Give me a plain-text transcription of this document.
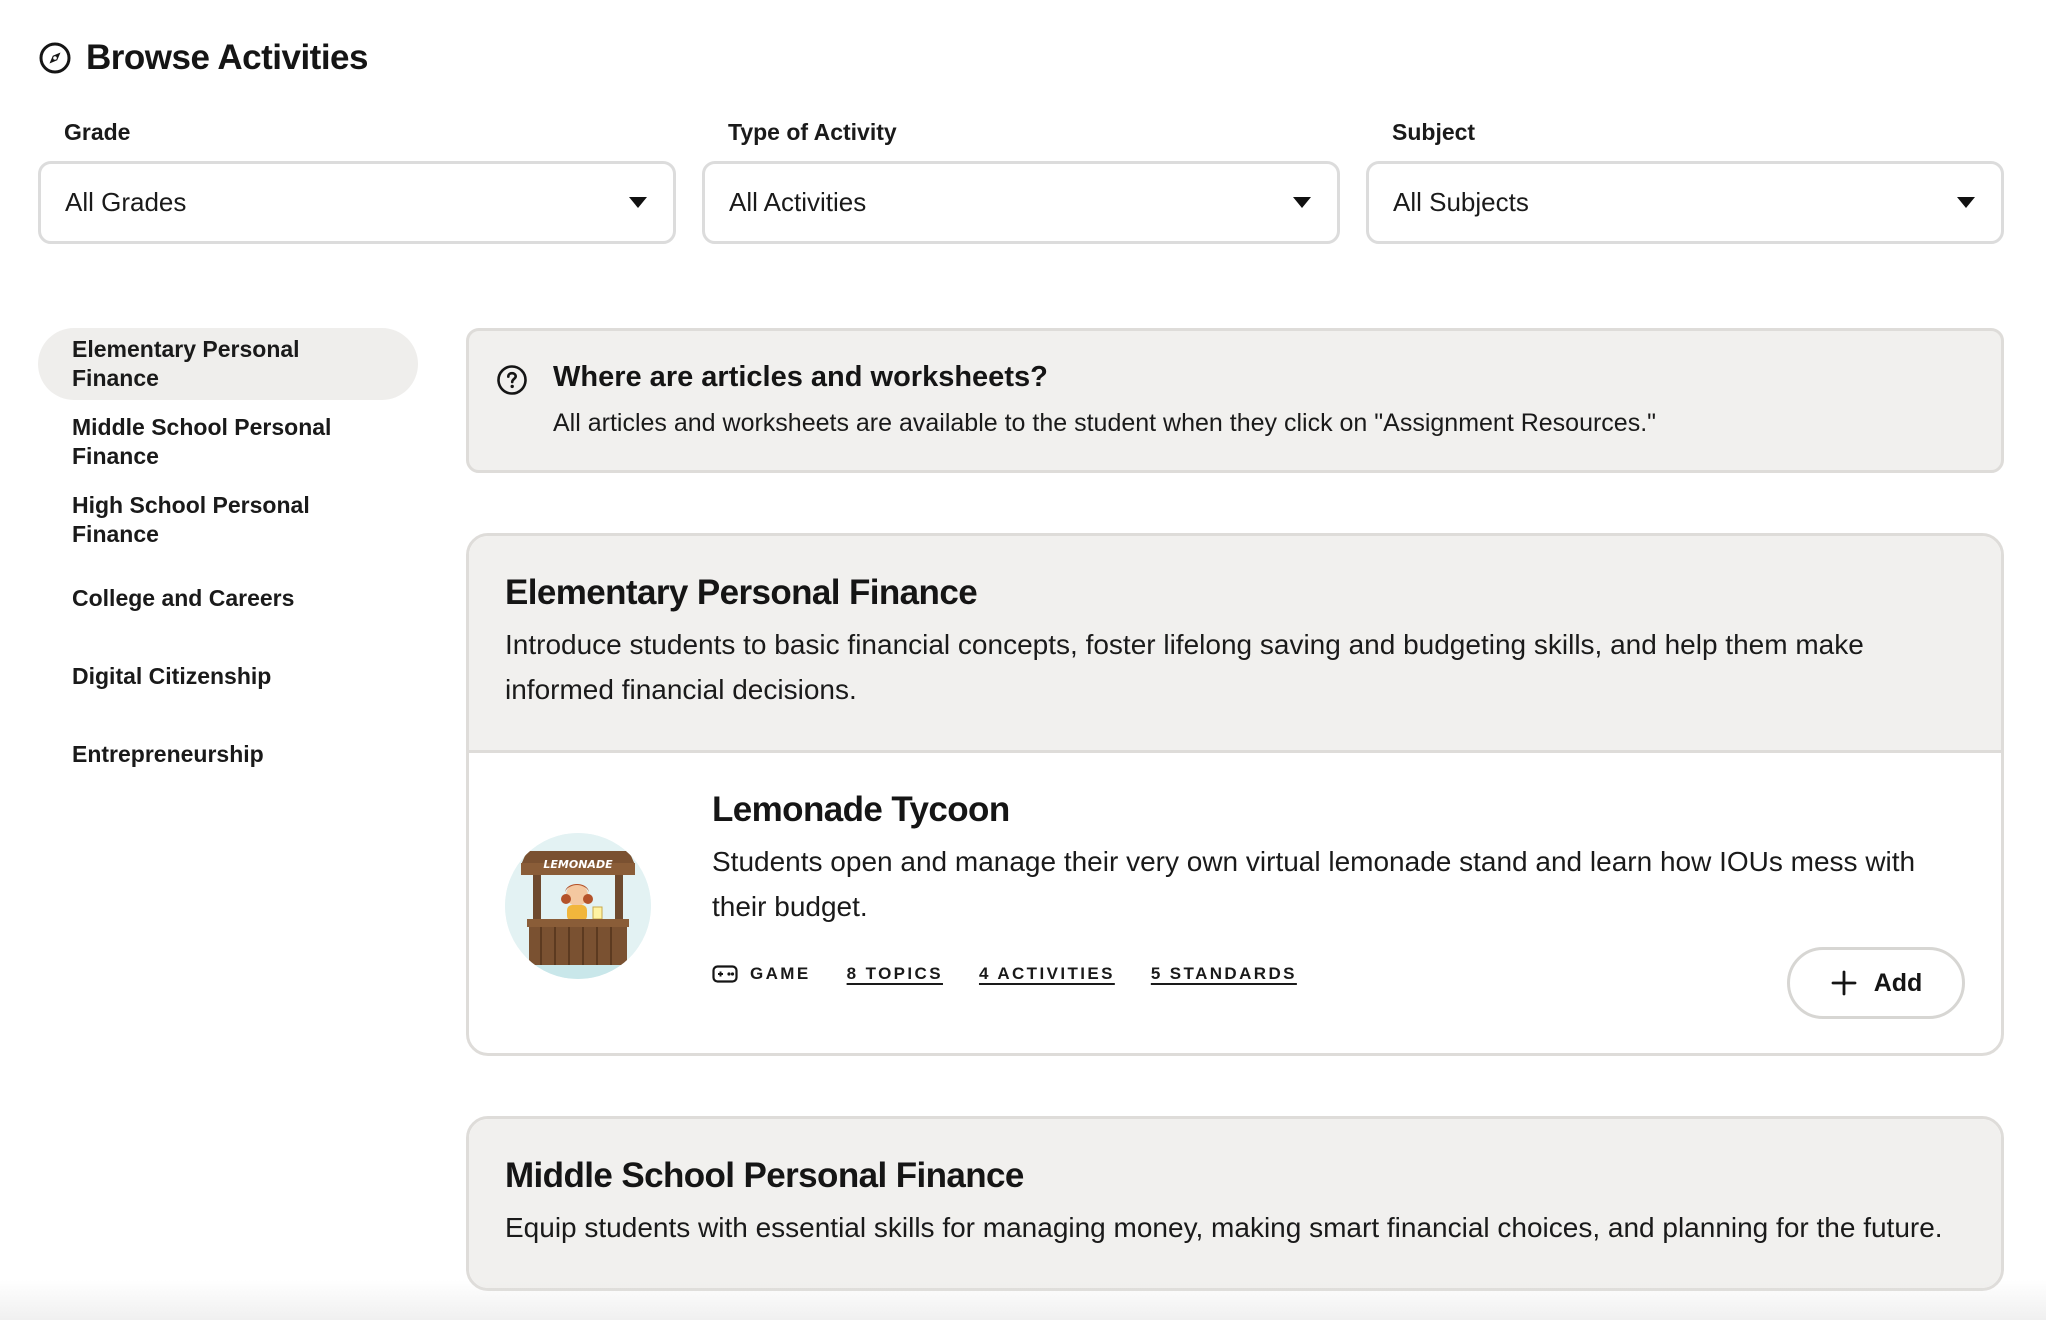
Browse Activities
Grade
All Grades
Type of Activity
All Activities
Subject
All Subjects
Elementary Personal Finance
Middle School Personal Finance
High School Personal Finance
College and Careers
Digital Citizenship
Entrepreneurship
Where are articles and worksheets?
All articles and worksheets are available to the student when they click on "Assignment Resources."
Elementary Personal Finance
Introduce students to basic financial concepts, foster lifelong saving and budgeting skills, and help them make informed financial decisions.
LEMONADE
Lemonade Tycoon
Students open and manage their very own virtual lemonade stand and learn how IOUs mess with their budget.
GAME 8 TOPICS 4 ACTIVITIES 5 STANDARDS	Add
Middle School Personal Finance
Equip students with essential skills for managing money, making smart financial choices, and planning for the future.
